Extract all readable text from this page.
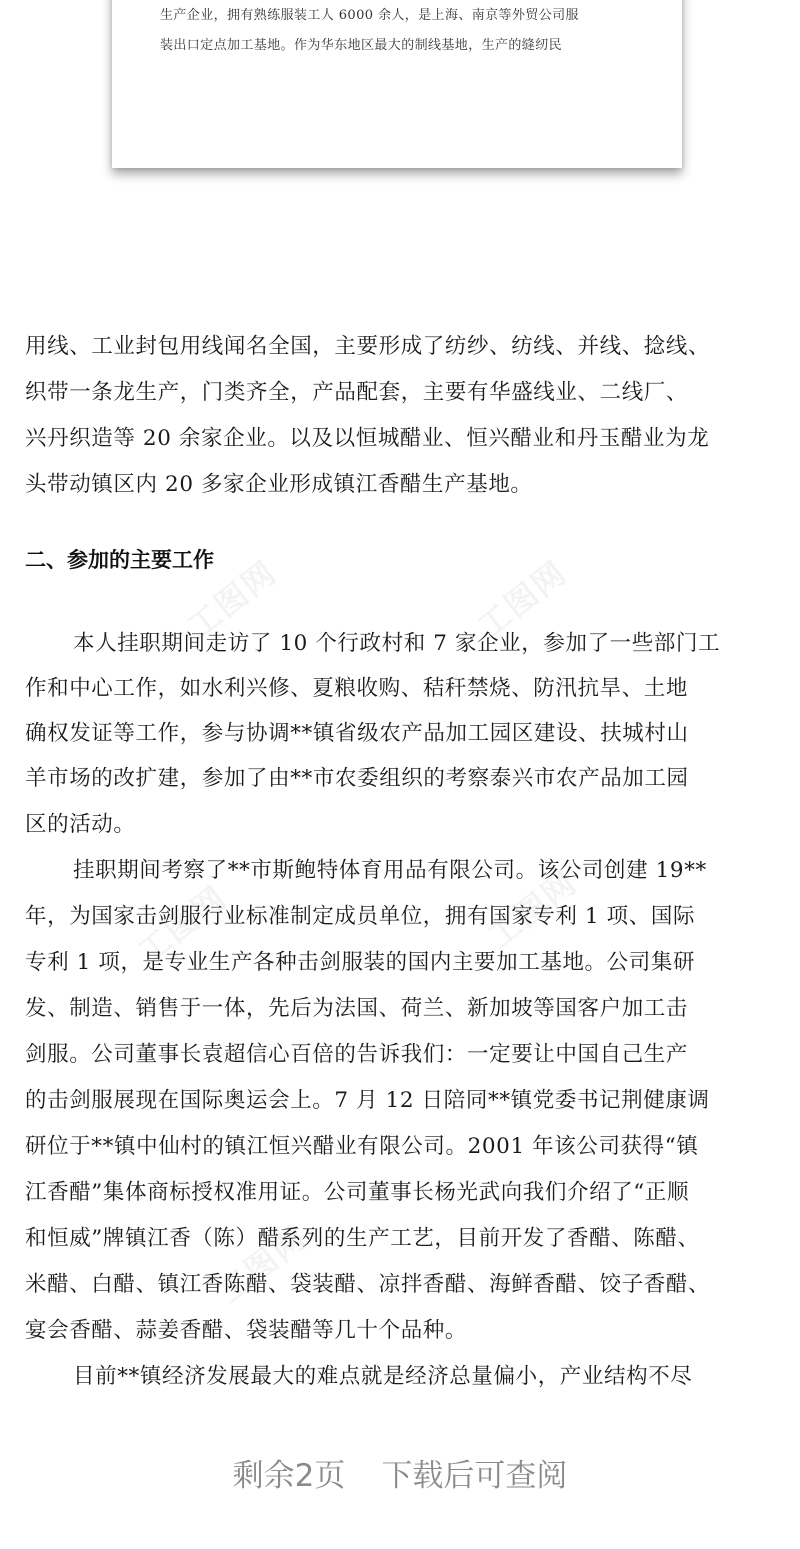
工图网	工图网
工图网	工图网
工图网
生产企业，拥有熟练服装工人 6000 余人，是上海、南京等外贸公司服
装出口定点加工基地。作为华东地区最大的制线基地，生产的缝纫民
用线、工业封包用线闻名全国，主要形成了纺纱、纺线、并线、捻线、
织带一条龙生产，门类齐全，产品配套，主要有华盛线业、二线厂、
兴丹织造等 20 余家企业。以及以恒城醋业、恒兴醋业和丹玉醋业为龙
头带动镇区内 20 多家企业形成镇江香醋生产基地。
二、参加的主要工作
本人挂职期间走访了 10 个行政村和 7 家企业，参加了一些部门工
作和中心工作，如水利兴修、夏粮收购、秸秆禁烧、防汛抗旱、土地
确权发证等工作，参与协调**镇省级农产品加工园区建设、扶城村山
羊市场的改扩建，参加了由**市农委组织的考察泰兴市农产品加工园
区的活动。
挂职期间考察了**市斯鲍特体育用品有限公司。该公司创建 19**
年，为国家击剑服行业标准制定成员单位，拥有国家专利 1 项、国际
专利 1 项，是专业生产各种击剑服装的国内主要加工基地。公司集研
发、制造、销售于一体，先后为法国、荷兰、新加坡等国客户加工击
剑服。公司董事长袁超信心百倍的告诉我们：一定要让中国自己生产
的击剑服展现在国际奥运会上。7 月 12 日陪同**镇党委书记荆健康调
研位于**镇中仙村的镇江恒兴醋业有限公司。2001 年该公司获得“镇
江香醋”集体商标授权准用证。公司董事长杨光武向我们介绍了“正顺
和恒威”牌镇江香（陈）醋系列的生产工艺，目前开发了香醋、陈醋、
米醋、白醋、镇江香陈醋、袋装醋、凉拌香醋、海鲜香醋、饺子香醋、
宴会香醋、蒜姜香醋、袋装醋等几十个品种。
目前**镇经济发展最大的难点就是经济总量偏小，产业结构不尽
剩余2页 下载后可查阅
